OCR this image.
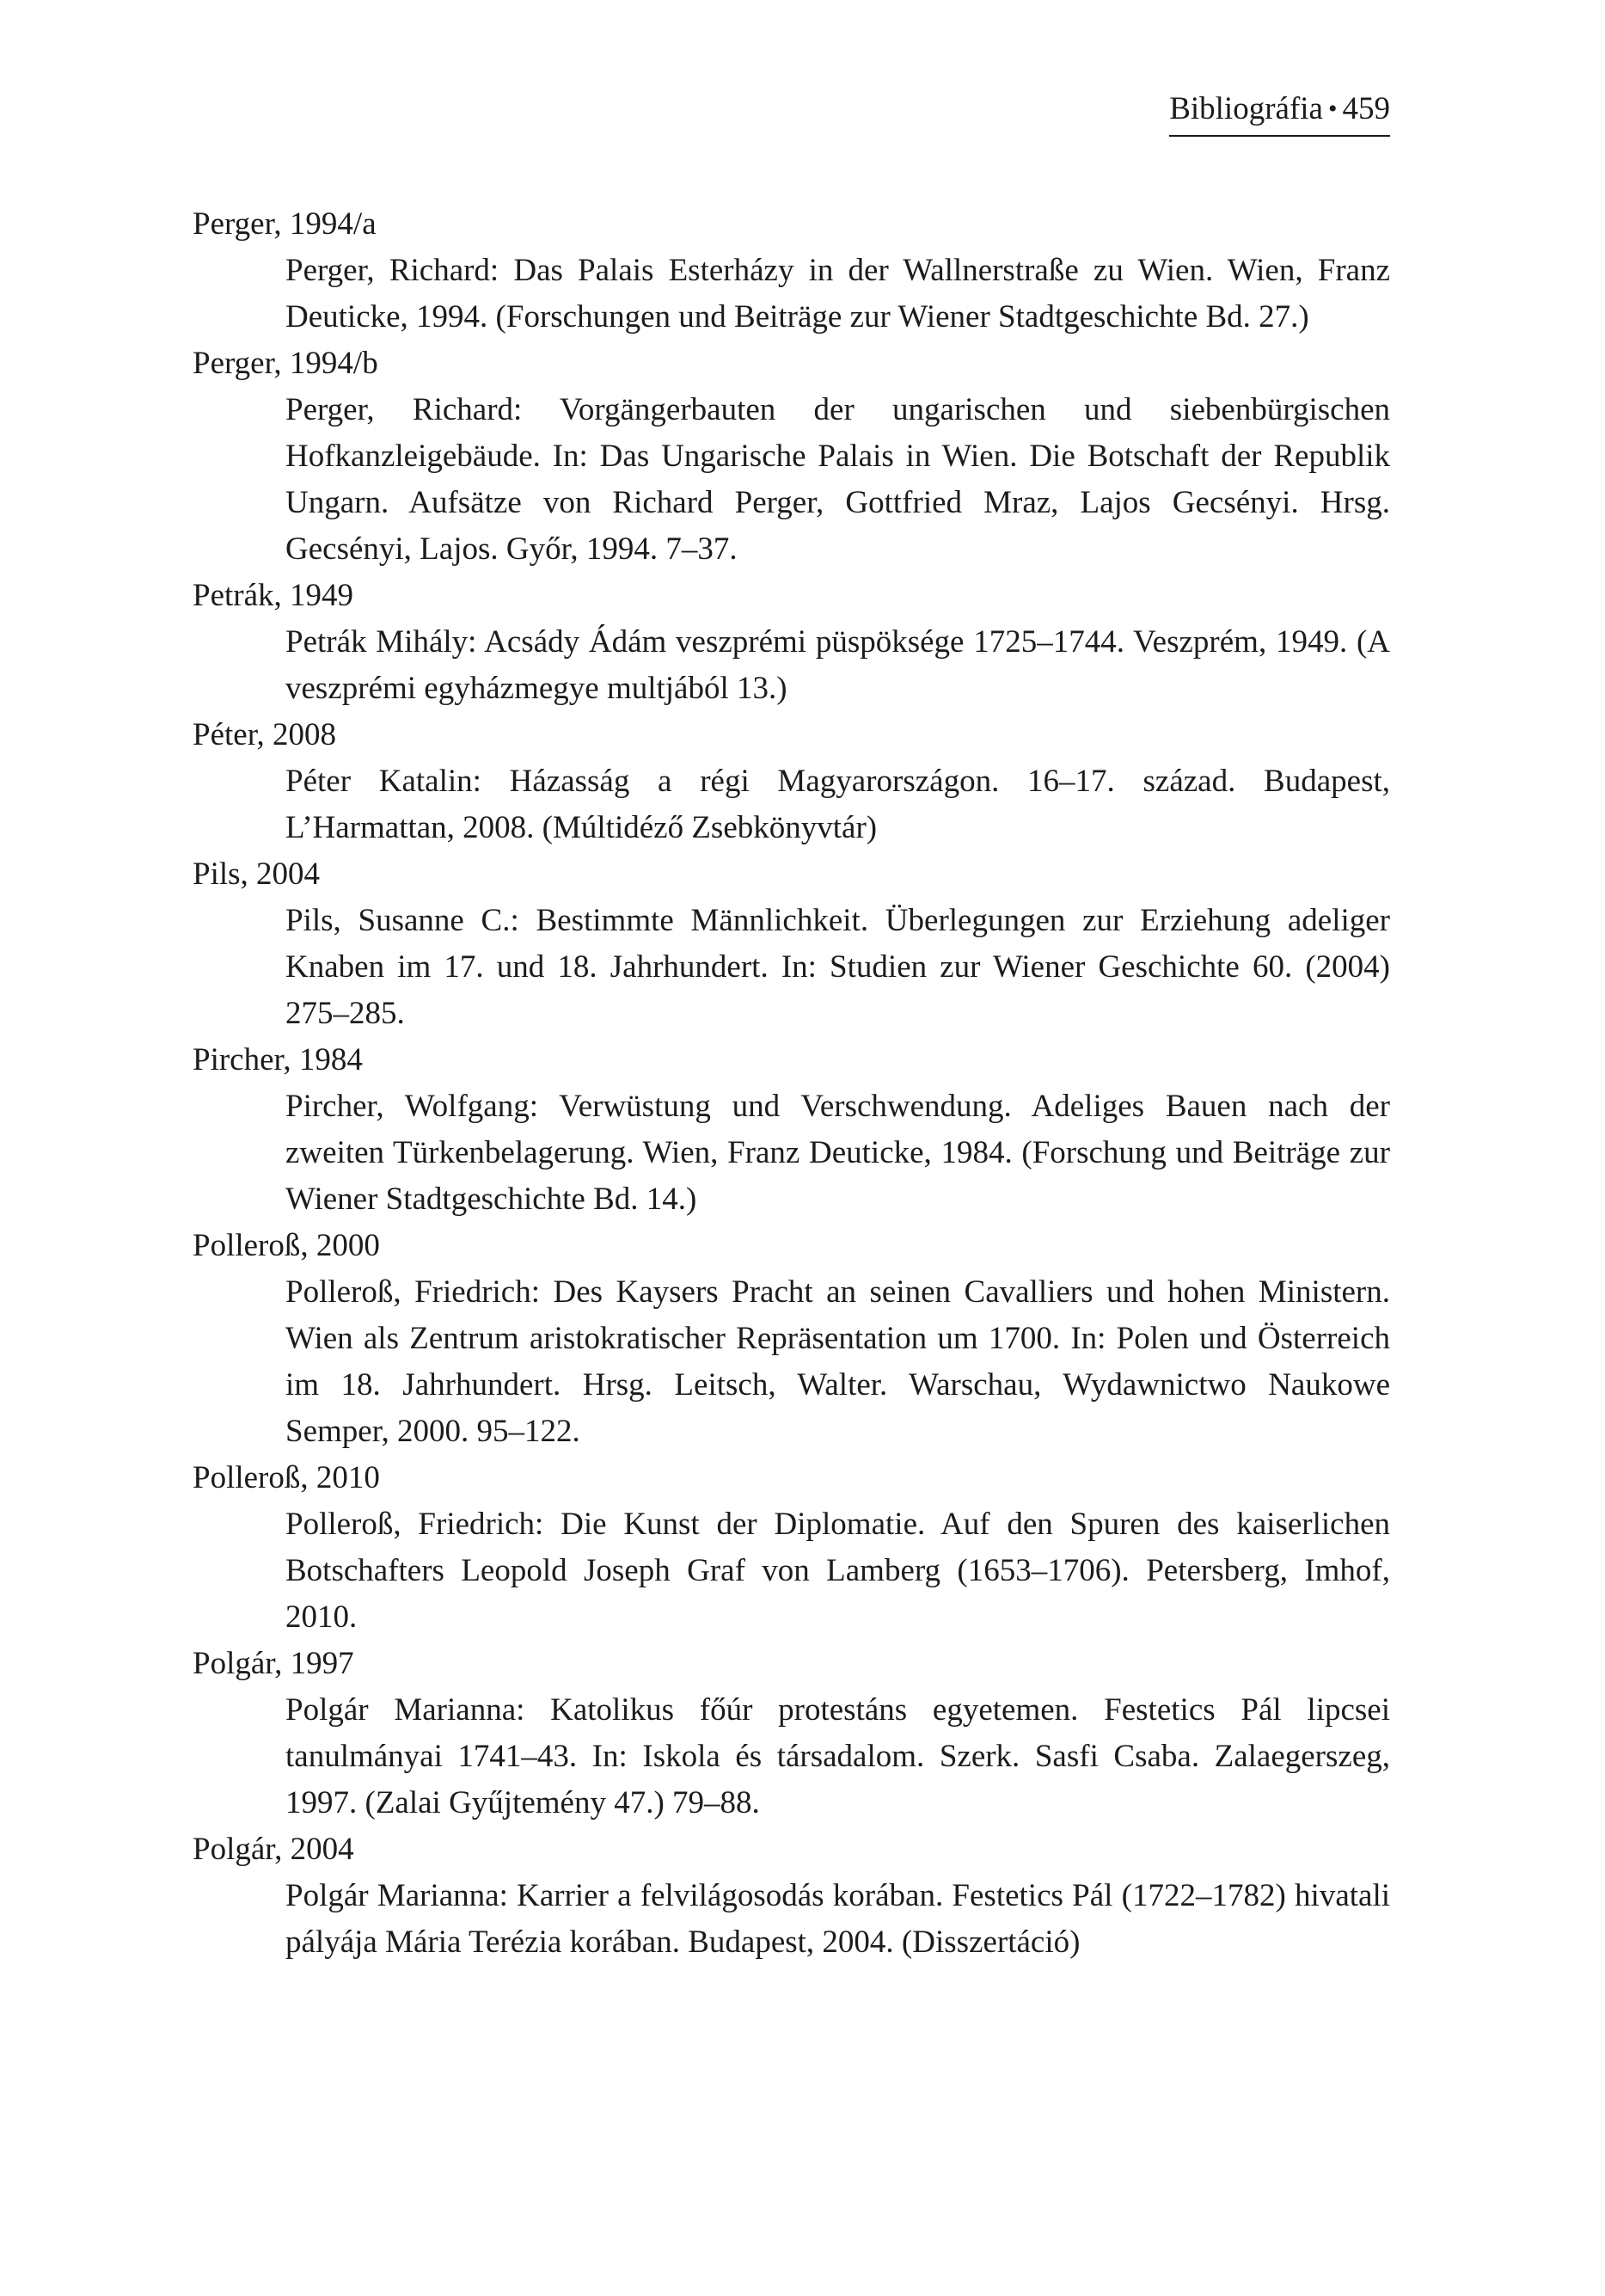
Bibliográfia • 459
Perger, 1994/a
Perger, Richard: Das Palais Esterházy in der Wallnerstraße zu Wien. Wien, Franz Deuticke, 1994. (Forschungen und Beiträge zur Wiener Stadtgeschichte Bd. 27.)
Perger, 1994/b
Perger, Richard: Vorgängerbauten der ungarischen und siebenbürgischen Hofkanzleigebäude. In: Das Ungarische Palais in Wien. Die Botschaft der Republik Ungarn. Aufsätze von Richard Perger, Gottfried Mraz, Lajos Gecsényi. Hrsg. Gecsényi, Lajos. Győr, 1994. 7–37.
Petrák, 1949
Petrák Mihály: Acsády Ádám veszprémi püspöksége 1725–1744. Veszprém, 1949. (A veszprémi egyházmegye multjából 13.)
Péter, 2008
Péter Katalin: Házasság a régi Magyarországon. 16–17. század. Budapest, L’Harmattan, 2008. (Múltidéző Zsebkönyvtár)
Pils, 2004
Pils, Susanne C.: Bestimmte Männlichkeit. Überlegungen zur Erziehung adeliger Knaben im 17. und 18. Jahrhundert. In: Studien zur Wiener Geschichte 60. (2004) 275–285.
Pircher, 1984
Pircher, Wolfgang: Verwüstung und Verschwendung. Adeliges Bauen nach der zweiten Türkenbelagerung. Wien, Franz Deuticke, 1984. (Forschung und Beiträge zur Wiener Stadtgeschichte Bd. 14.)
Polleroß, 2000
Polleroß, Friedrich: Des Kaysers Pracht an seinen Cavalliers und hohen Ministern. Wien als Zentrum aristokratischer Repräsentation um 1700. In: Polen und Österreich im 18. Jahrhundert. Hrsg. Leitsch, Walter. Warschau, Wydawnictwo Naukowe Semper, 2000. 95–122.
Polleroß, 2010
Polleroß, Friedrich: Die Kunst der Diplomatie. Auf den Spuren des kaiserlichen Botschafters Leopold Joseph Graf von Lamberg (1653–1706). Petersberg, Imhof, 2010.
Polgár, 1997
Polgár Marianna: Katolikus főúr protestáns egyetemen. Festetics Pál lipcsei tanulmányai 1741–43. In: Iskola és társadalom. Szerk. Sasfi Csaba. Zalaegerszeg, 1997. (Zalai Gyűjtemény 47.) 79–88.
Polgár, 2004
Polgár Marianna: Karrier a felvilágosodás korában. Festetics Pál (1722–1782) hivatali pályája Mária Terézia korában. Budapest, 2004. (Disszertáció)
